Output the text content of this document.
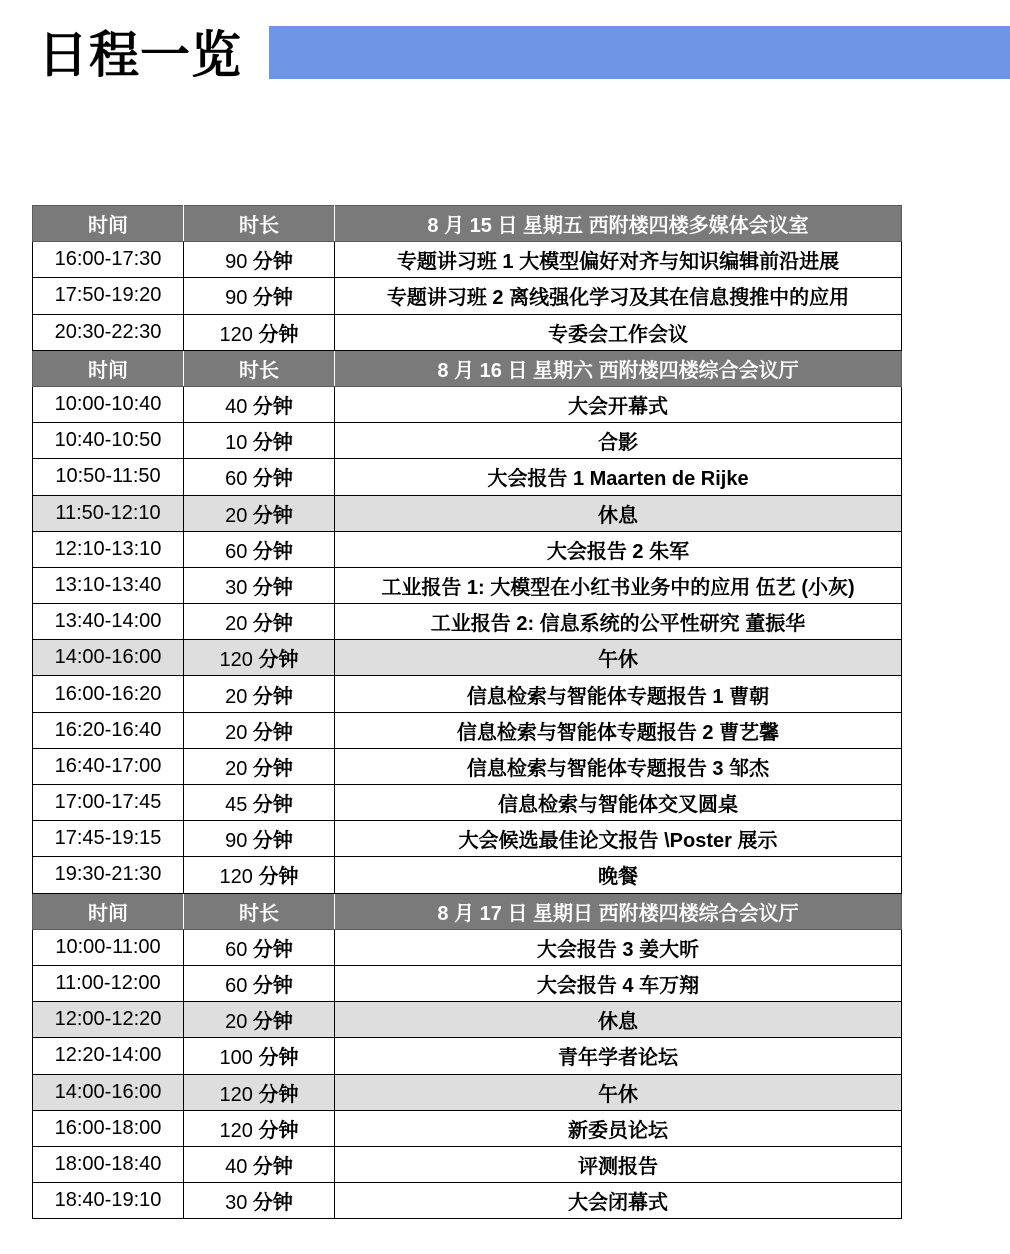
日程一览
时间	时长	8 月 15 日 星期五 西附楼四楼多媒体会议室
16:00-17:30	90 分钟	专题讲习班 1 大模型偏好对齐与知识编辑前沿进展
17:50-19:20	90 分钟	专题讲习班 2 离线强化学习及其在信息搜推中的应用
20:30-22:30	120 分钟	专委会工作会议
时间	时长	8 月 16 日 星期六 西附楼四楼综合会议厅
10:00-10:40	40 分钟	大会开幕式
10:40-10:50	10 分钟	合影
10:50-11:50	60 分钟	大会报告 1 Maarten de Rijke
11:50-12:10	20 分钟	休息
12:10-13:10	60 分钟	大会报告 2 朱军
13:10-13:40	30 分钟	工业报告 1: 大模型在小红书业务中的应用 伍艺 (小灰)
13:40-14:00	20 分钟	工业报告 2: 信息系统的公平性研究 董振华
14:00-16:00	120 分钟	午休
16:00-16:20	20 分钟	信息检索与智能体专题报告 1 曹朝
16:20-16:40	20 分钟	信息检索与智能体专题报告 2 曹艺馨
16:40-17:00	20 分钟	信息检索与智能体专题报告 3 邹杰
17:00-17:45	45 分钟	信息检索与智能体交叉圆桌
17:45-19:15	90 分钟	大会候选最佳论文报告 \Poster 展示
19:30-21:30	120 分钟	晚餐
时间	时长	8 月 17 日 星期日 西附楼四楼综合会议厅
10:00-11:00	60 分钟	大会报告 3 姜大昕
11:00-12:00	60 分钟	大会报告 4 车万翔
12:00-12:20	20 分钟	休息
12:20-14:00	100 分钟	青年学者论坛
14:00-16:00	120 分钟	午休
16:00-18:00	120 分钟	新委员论坛
18:00-18:40	40 分钟	评测报告
18:40-19:10	30 分钟	大会闭幕式
